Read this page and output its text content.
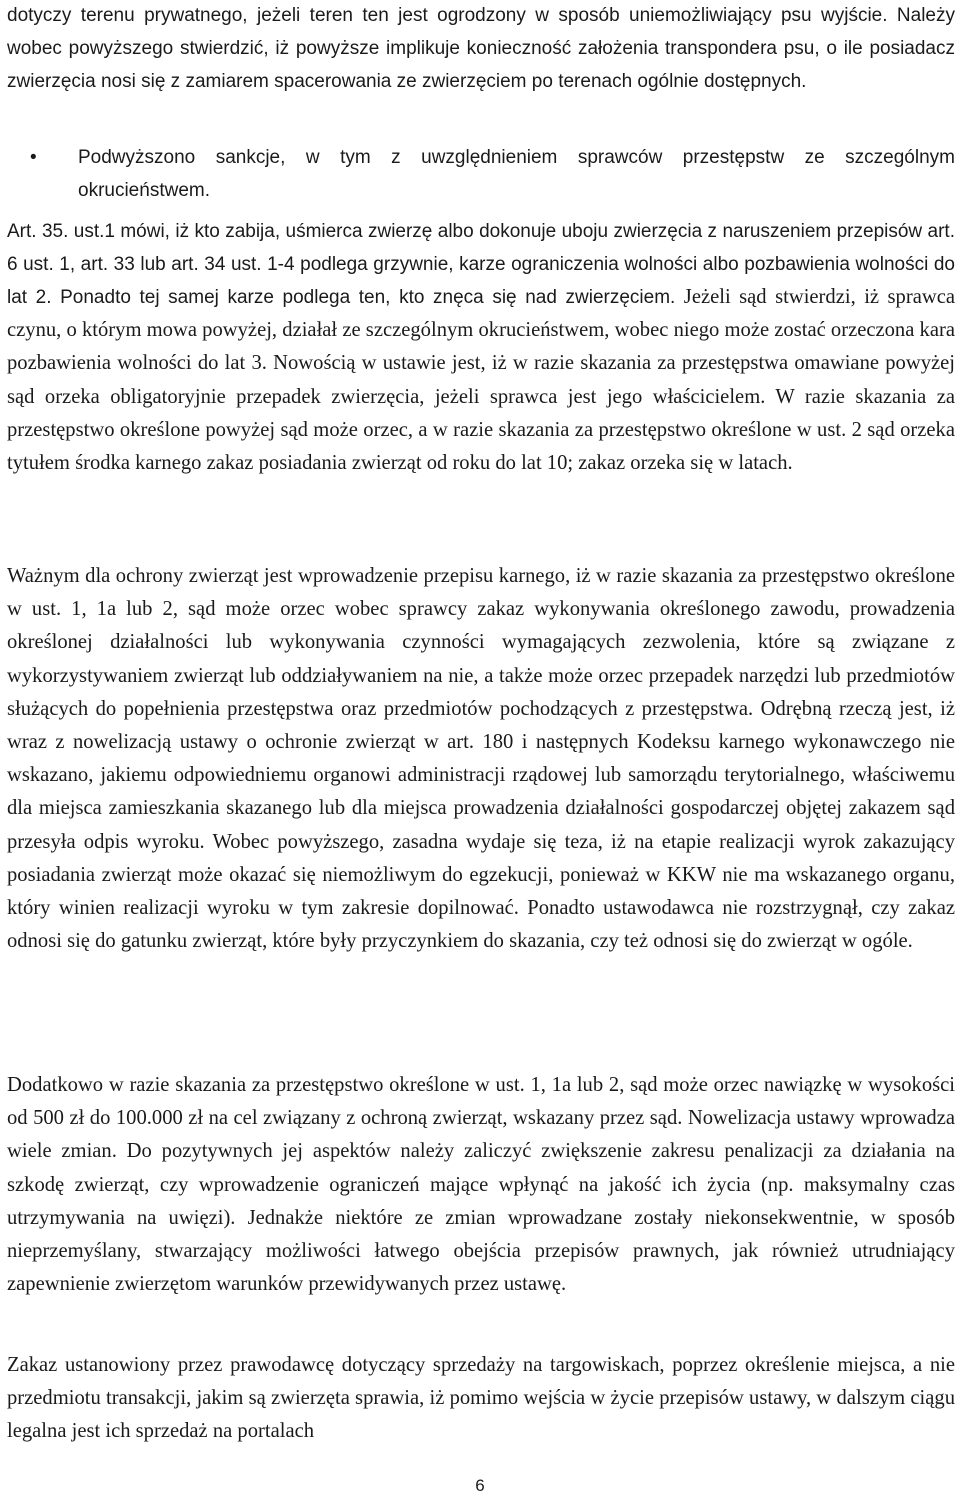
dotyczy terenu prywatnego, jeżeli teren ten jest ogrodzony w sposób uniemożliwiający psu wyjście. Należy wobec powyższego stwierdzić, iż powyższe implikuje konieczność założenia transpondera psu, o ile posiadacz zwierzęcia nosi się z zamiarem spacerowania ze zwierzęciem po terenach ogólnie dostępnych.

• Podwyższono sankcje, w tym z uwzględnieniem sprawców przestępstw ze szczególnym okrucieństwem.

Art. 35. ust.1 mówi, iż kto zabija, uśmierca zwierzę albo dokonuje uboju zwierzęcia z naruszeniem przepisów art. 6 ust. 1, art. 33 lub art. 34 ust. 1-4 podlega grzywnie, karze ograniczenia wolności albo pozbawienia wolności do lat 2. Ponadto tej samej karze podlega ten, kto znęca się nad zwierzęciem. Jeżeli sąd stwierdzi, iż sprawca czynu, o którym mowa powyżej, działał ze szczególnym okrucieństwem, wobec niego może zostać orzeczona kara pozbawienia wolności do lat 3. Nowością w ustawie jest, iż w razie skazania za przestępstwa omawiane powyżej sąd orzeka obligatoryjnie przepadek zwierzęcia, jeżeli sprawca jest jego właścicielem. W razie skazania za przestępstwo określone powyżej sąd może orzec, a w razie skazania za przestępstwo określone w ust. 2 sąd orzeka tytułem środka karnego zakaz posiadania zwierząt od roku do lat 10; zakaz orzeka się w latach.

Ważnym dla ochrony zwierząt jest wprowadzenie przepisu karnego, iż w razie skazania za przestępstwo określone w ust. 1, 1a lub 2, sąd może orzec wobec sprawcy zakaz wykonywania określonego zawodu, prowadzenia określonej działalności lub wykonywania czynności wymagających zezwolenia, które są związane z wykorzystywaniem zwierząt lub oddziaływaniem na nie, a także może orzec przepadek narzędzi lub przedmiotów służących do popełnienia przestępstwa oraz przedmiotów pochodzących z przestępstwa. Odrębną rzeczą jest, iż wraz z nowelizacją ustawy o ochronie zwierząt w art. 180 i następnych Kodeksu karnego wykonawczego nie wskazano, jakiemu odpowiedniemu organowi administracji rządowej lub samorządu terytorialnego, właściwemu dla miejsca zamieszkania skazanego lub dla miejsca prowadzenia działalności gospodarczej objętej zakazem sąd przesyła odpis wyroku. Wobec powyższego, zasadna wydaje się teza, iż na etapie realizacji wyrok zakazujący posiadania zwierząt może okazać się niemożliwym do egzekucji, ponieważ w KKW nie ma wskazanego organu, który winien realizacji wyroku w tym zakresie dopilnować. Ponadto ustawodawca nie rozstrzygnął, czy zakaz odnosi się do gatunku zwierząt, które były przyczynkiem do skazania, czy też odnosi się do zwierząt w ogóle.

Dodatkowo w razie skazania za przestępstwo określone w ust. 1, 1a lub 2, sąd może orzec nawiązkę w wysokości od 500 zł do 100.000 zł na cel związany z ochroną zwierząt, wskazany przez sąd. Nowelizacja ustawy wprowadza wiele zmian. Do pozytywnych jej aspektów należy zaliczyć zwiększenie zakresu penalizacji za działania na szkodę zwierząt, czy wprowadzenie ograniczeń mające wpłynąć na jakość ich życia (np. maksymalny czas utrzymywania na uwięzi). Jednakże niektóre ze zmian wprowadzane zostały niekonsekwentnie, w sposób nieprzemyślany, stwarzający możliwości łatwego obejścia przepisów prawnych, jak również utrudniający zapewnienie zwierzętom warunków przewidywanych przez ustawę.

Zakaz ustanowiony przez prawodawcę dotyczący sprzedaży na targowiskach, poprzez określenie miejsca, a nie przedmiotu transakcji, jakim są zwierzęta sprawia, iż pomimo wejścia w życie przepisów ustawy, w dalszym ciągu legalna jest ich sprzedaż na portalach

6
